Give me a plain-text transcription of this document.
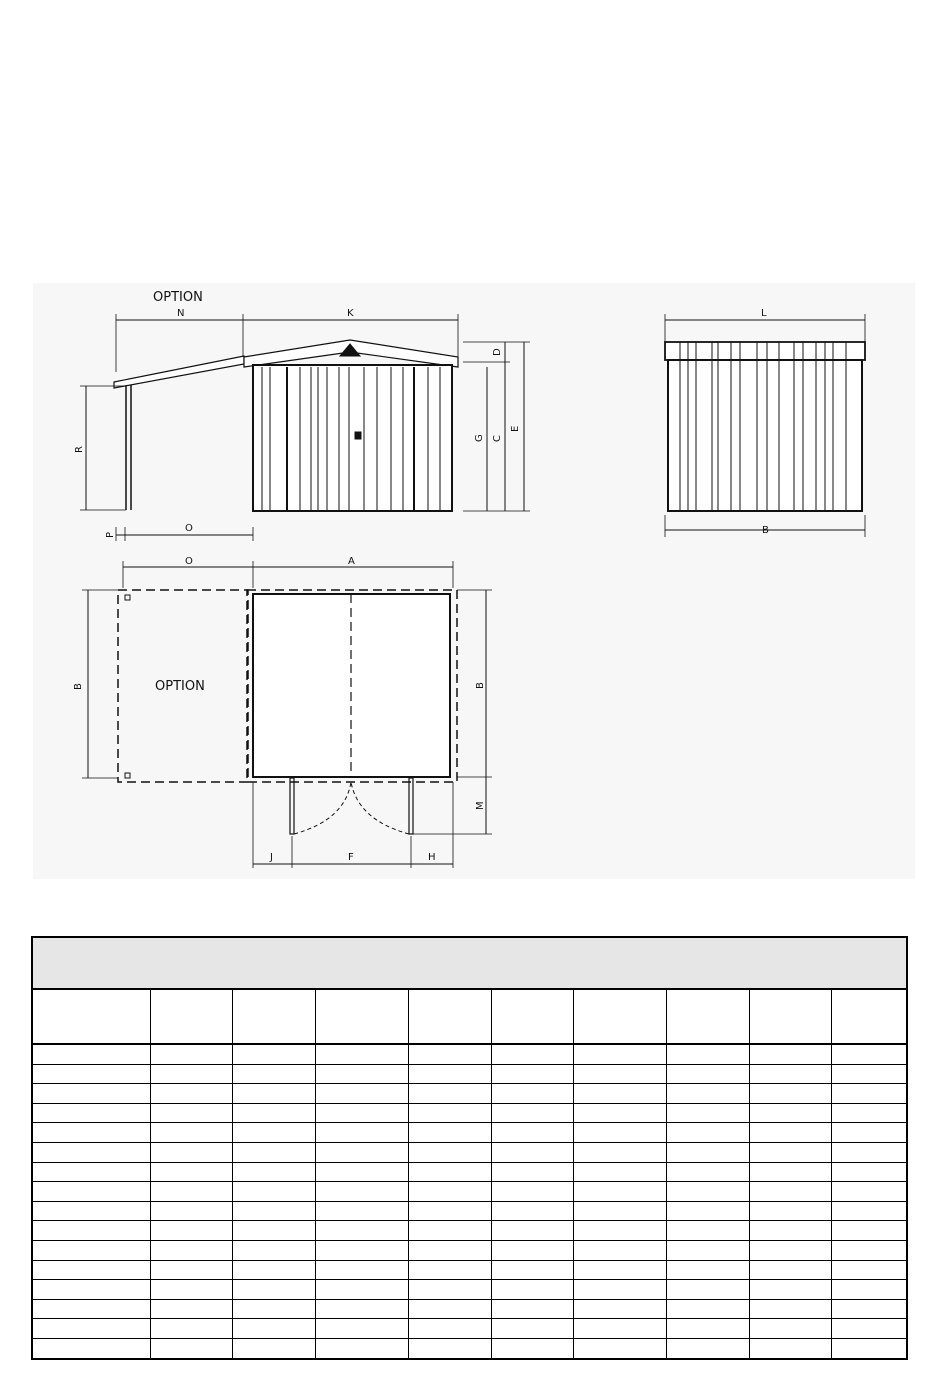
OPTION
N	K
D
G C
E
R
P
O
L
B
O	A
OPTION
B	B
M
J	F	H
